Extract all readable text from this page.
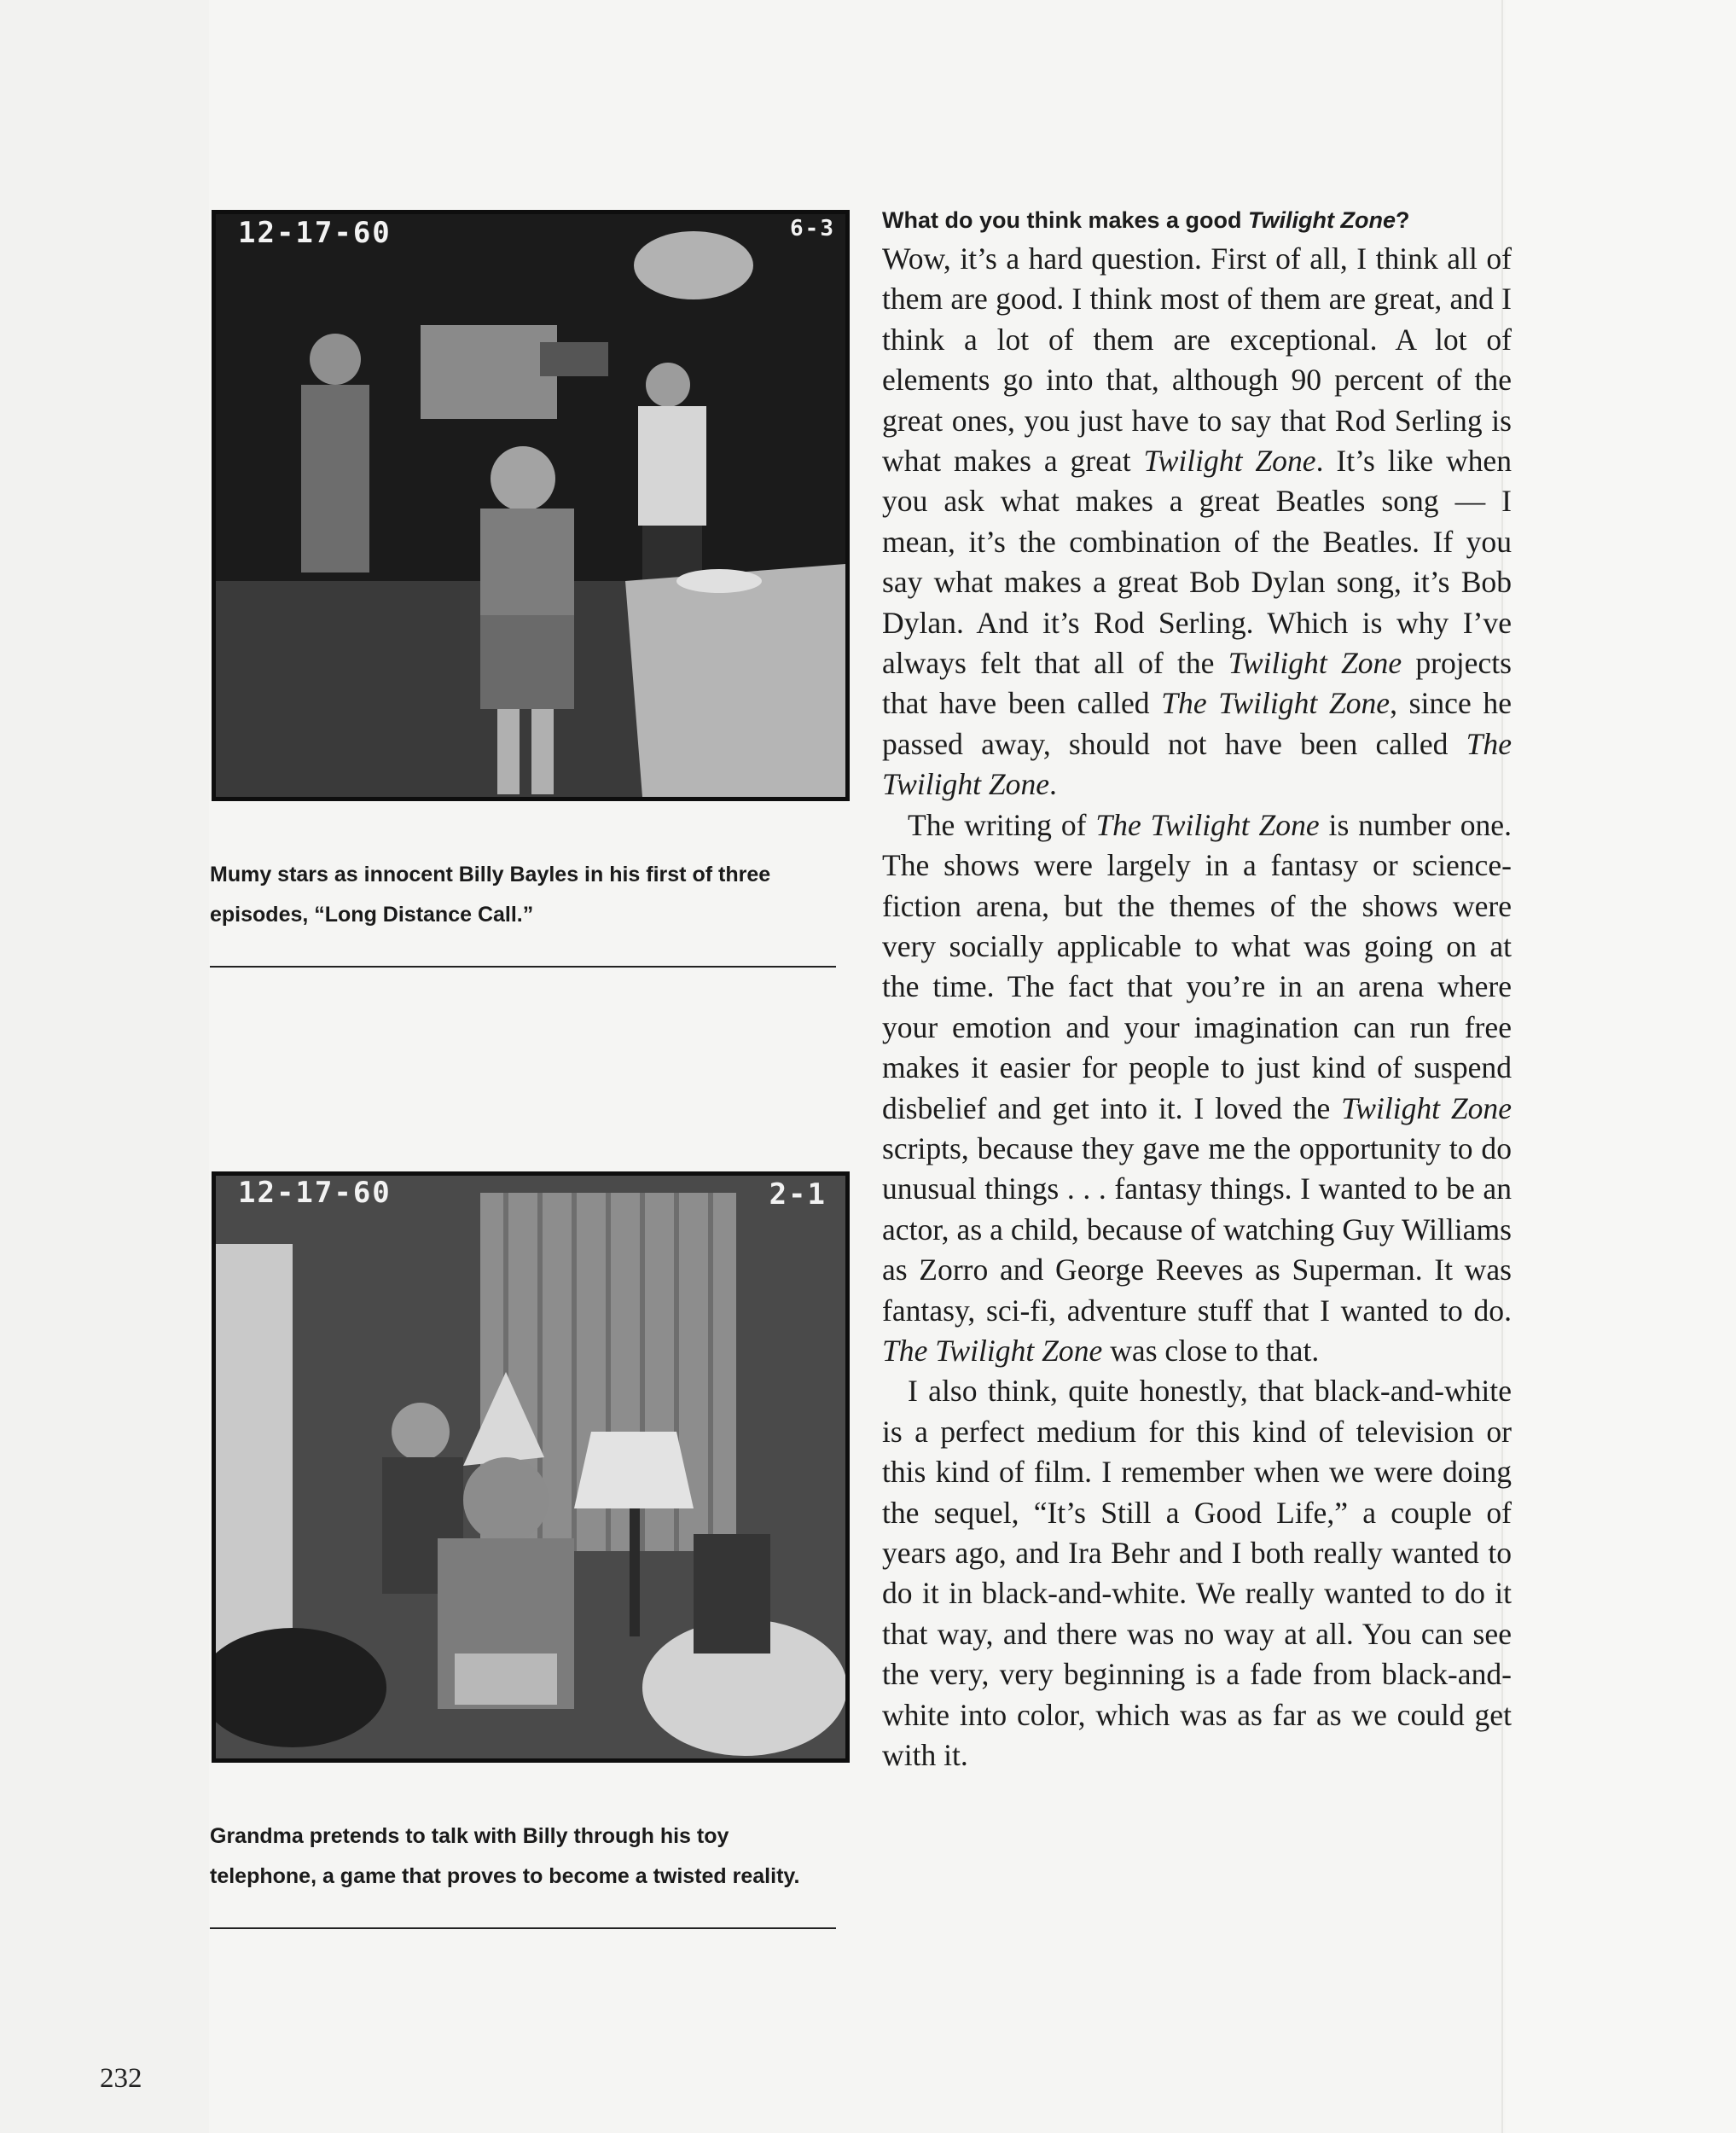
12-17-60	6-3
Mumy stars as innocent Billy Bayles in his first of three episodes, “Long Distance Call.”
12-17-60	2-1
Grandma pretends to talk with Billy through his toy telephone, a game that proves to become a twisted reality.

What do you think makes a good Twilight Zone?

Wow, it’s a hard question. First of all, I think all of them are good. I think most of them are great, and I think a lot of them are exceptional. A lot of elements go into that, although 90 percent of the great ones, you just have to say that Rod Serling is what makes a great Twilight Zone. It’s like when you ask what makes a great Beatles song — I mean, it’s the combination of the Beatles. If you say what makes a great Bob Dylan song, it’s Bob Dylan. And it’s Rod Serling. Which is why I’ve always felt that all of the Twilight Zone projects that have been called The Twilight Zone, since he passed away, should not have been called The Twilight Zone.

The writing of The Twilight Zone is number one. The shows were largely in a fantasy or science-fiction arena, but the themes of the shows were very socially applicable to what was going on at the time. The fact that you’re in an arena where your emotion and your imagination can run free makes it easier for people to just kind of suspend disbelief and get into it. I loved the Twilight Zone scripts, because they gave me the opportunity to do unusual things . . . fantasy things. I wanted to be an actor, as a child, because of watching Guy Williams as Zorro and George Reeves as Superman. It was fantasy, sci-fi, adventure stuff that I wanted to do. The Twilight Zone was close to that.

I also think, quite honestly, that black-and-white is a perfect medium for this kind of television or this kind of film. I remember when we were doing the sequel, “It’s Still a Good Life,” a couple of years ago, and Ira Behr and I both really wanted to do it in black-and-white. We really wanted to do it that way, and there was no way at all. You can see the very, very beginning is a fade from black-and-white into color, which was as far as we could get with it.

232
